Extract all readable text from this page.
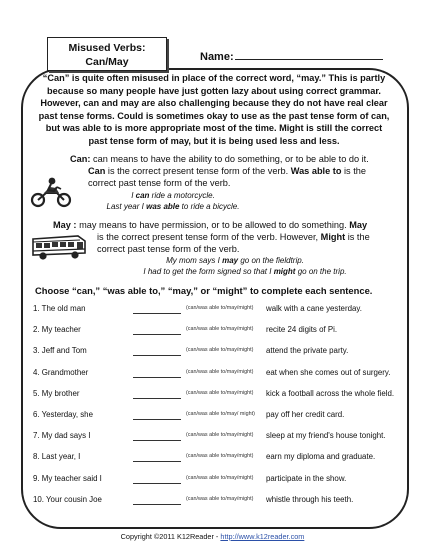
Misused Verbs:
Can/May	Name:
“Can” is quite often misused in place of the correct word, “may.” This is partly because so many people have just gotten lazy about using correct grammar. However, can and may are also challenging because they do not have real clear past tense forms. Could is sometimes okay to use as the past tense form of can, but was able to is more appropriate most of the time. Might is still the correct past tense form of may, but it is being used less and less.
Can: can means to have the ability to do something, or to be able to do it.
Can is the correct present tense form of the verb. Was able to is the
correct past tense form of the verb.
I can ride a motorcycle.
Last year I was able to ride a bicycle.
May : may means to have permission, or to be allowed to do something. May
is the correct present tense form of the verb. However, Might is the
correct past tense form of the verb.
My mom says I may go on the fieldtrip.
I had to get the form signed so that I might go on the trip.
Choose “can,” “was able to,” “may,” or “might” to complete each sentence.
1. The old man	(can/was able to/may/might) walk with a cane yesterday.
2. My teacher	(can/was able to/may/might) recite 24 digits of Pi.
3. Jeff and Tom	(can/was able to/may/might) attend the private party.
4. Grandmother	(can/was able to/may/might) eat when she comes out of surgery.
5. My brother	(can/was able to/may/might) kick a football across the whole field.
6. Yesterday, she	(can/was able to/may/ might) pay off her credit card.
7. My dad says I	(can/was able to/may/might) sleep at my friend's house tonight.
8. Last year, I	(can/was able to/may/might) earn my diploma and graduate.
9. My teacher said I	(can/was able to/may/might) participate in the show.
10. Your cousin Joe	(can/was able to/may/might) whistle through his teeth.
Copyright ©2011 K12Reader - http://www.k12reader.com
